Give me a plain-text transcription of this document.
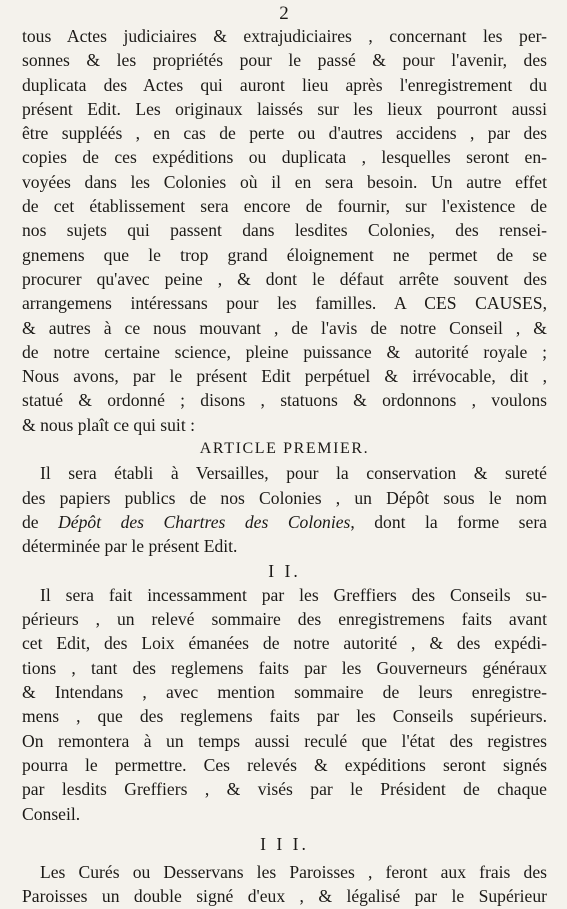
2
tous Actes judiciaires & extrajudiciaires , concernant les per-
sonnes & les propriétés pour le passé & pour l'avenir, des
duplicata des Actes qui auront lieu après l'enregistrement du
présent Edit. Les originaux laissés sur les lieux pourront aussi
être suppléés , en cas de perte ou d'autres accidens , par des
copies de ces expéditions ou duplicata , lesquelles seront en-
voyées dans les Colonies où il en sera besoin. Un autre effet
de cet établissement sera encore de fournir, sur l'existence de
nos sujets qui passent dans lesdites Colonies, des rensei-
gnemens que le trop grand éloignement ne permet de se
procurer qu'avec peine , & dont le défaut arrête souvent des
arrangemens intéressans pour les familles. A CES CAUSES,
& autres à ce nous mouvant , de l'avis de notre Conseil , &
de notre certaine science, pleine puissance & autorité royale ;
Nous avons, par le présent Edit perpétuel & irrévocable, dit ,
statué & ordonné ; disons , statuons & ordonnons , voulons
& nous plaît ce qui suit :
ARTICLE PREMIER.
Il sera établi à Versailles, pour la conservation & sureté
des papiers publics de nos Colonies , un Dépôt sous le nom
de Dépôt des Chartres des Colonies, dont la forme sera
déterminée par le présent Edit.
I I.
Il sera fait incessamment par les Greffiers des Conseils su-
périeurs , un relevé sommaire des enregistremens faits avant
cet Edit, des Loix émanées de notre autorité , & des expédi-
tions , tant des reglemens faits par les Gouverneurs généraux
& Intendans , avec mention sommaire de leurs enregistre-
mens , que des reglemens faits par les Conseils supérieurs.
On remontera à un temps aussi reculé que l'état des registres
pourra le permettre. Ces relevés & expéditions seront signés
par lesdits Greffiers , & visés par le Président de chaque
Conseil.
I I I.
Les Curés ou Desservans les Paroisses , feront aux frais des
Paroisses un double signé d'eux , & légalisé par le Supérieur
